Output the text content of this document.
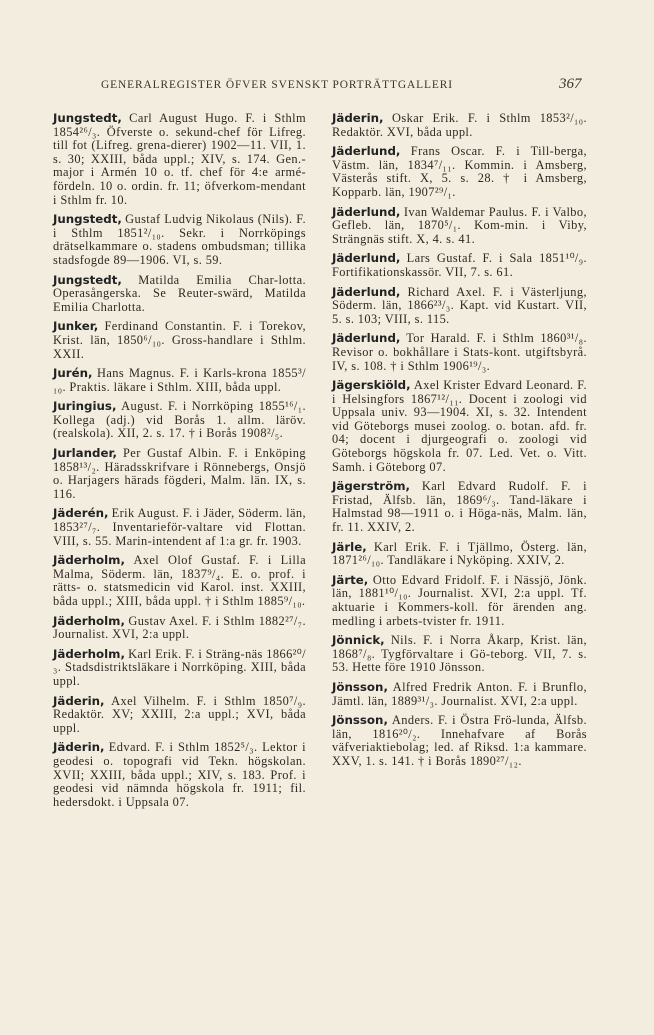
GENERALREGISTER ÖFVER SVENSKT PORTRÄTTGALLERI	367

Jungstedt, Carl August Hugo. F. i Sthlm 1854²⁶/₃. Öfverste o. sekund-chef för Lifreg. till fot (Lifreg. grena-dierer) 1902—11. VII, 1. s. 30; XXIII, båda uppl.; XIV, s. 174. Gen.-major i Armén 10 o. tf. chef för 4:e armé-fördeln. 10 o. ordin. fr. 11; öfverkom-mendant i Sthlm fr. 10.

Jungstedt, Gustaf Ludvig Nikolaus (Nils). F. i Sthlm 1851²/₁₀. Sekr. i Norrköpings drätselkammare o. stadens ombudsman; tillika stadsfogde 89—1906. VI, s. 59.

Jungstedt, Matilda Emilia Char-lotta. Operasångerska. Se Reuter-swärd, Matilda Emilia Charlotta.

Junker, Ferdinand Constantin. F. i Torekov, Krist. län, 1850⁶/₁₀. Gross-handlare i Sthlm. XXII.

Jurén, Hans Magnus. F. i Karls-krona 1855³/₁₀. Praktis. läkare i Sthlm. XIII, båda uppl.

Juringius, August. F. i Norrköping 1855¹⁶/₁. Kollega (adj.) vid Borås 1. allm. läröv. (realskola). XII, 2. s. 17. † i Borås 1908²/₅.

Jurlander, Per Gustaf Albin. F. i Enköping 1858¹³/₂. Häradsskrifvare i Rönnebergs, Onsjö o. Harjagers härads fögderi, Malm. län. IX, s. 116.

Jäderén, Erik August. F. i Jäder, Söderm. län, 1853²⁷/₇. Inventarieför-valtare vid Flottan. VIII, s. 55. Marin-intendent af 1:a gr. fr. 1903.

Jäderholm, Axel Olof Gustaf. F. i Lilla Malma, Söderm. län, 1837⁹/₄. E. o. prof. i rätts- o. statsmedicin vid Karol. inst. XXIII, båda uppl.; XIII, båda uppl. † i Sthlm 1885⁹/₁₀.

Jäderholm, Gustav Axel. F. i Sthlm 1882²⁷/₇. Journalist. XVI, 2:a uppl.

Jäderholm, Karl Erik. F. i Sträng-näs 1866²⁰/₃. Stadsdistriktsläkare i Norrköping. XIII, båda uppl.

Jäderin, Axel Vilhelm. F. i Sthlm 1850⁷/₉. Redaktör. XV; XXIII, 2:a uppl.; XVI, båda uppl.

Jäderin, Edvard. F. i Sthlm 1852⁵/₃. Lektor i geodesi o. topografi vid Tekn. högskolan. XVII; XXIII, båda uppl.; XIV, s. 183. Prof. i geodesi vid nämnda högskola fr. 1911; fil. hedersdokt. i Uppsala 07.

Jäderin, Oskar Erik. F. i Sthlm 1853²/₁₀. Redaktör. XVI, båda uppl.

Jäderlund, Frans Oscar. F. i Till-berga, Västm. län, 1834⁷/₁₁. Kommin. i Amsberg, Västerås stift. X, 5. s. 28. † i Amsberg, Kopparb. län, 1907²⁹/₁.

Jäderlund, Ivan Waldemar Paulus. F. i Valbo, Gefleb. län, 1870⁵/₁. Kom-min. i Viby, Strängnäs stift. X, 4. s. 41.

Jäderlund, Lars Gustaf. F. i Sala 1851¹⁰/₉. Fortifikationskassör. VII, 7. s. 61.

Jäderlund, Richard Axel. F. i Västerljung, Söderm. län, 1866²³/₃. Kapt. vid Kustart. VII, 5. s. 103; VIII, s. 115.

Jäderlund, Tor Harald. F. i Sthlm 1860³¹/₈. Revisor o. bokhållare i Stats-kont. utgiftsbyrå. IV, s. 108. † i Sthlm 1906¹⁹/₃.

Jägerskiöld, Axel Krister Edvard Leonard. F. i Helsingfors 1867¹²/₁₁. Docent i zoologi vid Uppsala univ. 93—1904. XI, s. 32. Intendent vid Göteborgs musei zoolog. o. botan. afd. fr. 04; docent i djurgeografi o. zoologi vid Göteborgs högskola fr. 07. Led. Vet. o. Vitt. Samh. i Göteborg 07.

Jägerström, Karl Edvard Rudolf. F. i Fristad, Älfsb. län, 1869⁶/₃. Tand-läkare i Halmstad 98—1911 o. i Höga-näs, Malm. län, fr. 11. XXIV, 2.

Järle, Karl Erik. F. i Tjällmo, Österg. län, 1871²⁶/₁₀. Tandläkare i Nyköping. XXIV, 2.

Järte, Otto Edvard Fridolf. F. i Nässjö, Jönk. län, 1881¹⁰/₁₀. Journalist. XVI, 2:a uppl. Tf. aktuarie i Kommers-koll. för ärenden ang. medling i arbets-tvister fr. 1911.

Jönnick, Nils. F. i Norra Åkarp, Krist. län, 1868⁷/₈. Tygförvaltare i Gö-teborg. VII, 7. s. 53. Hette före 1910 Jönsson.

Jönsson, Alfred Fredrik Anton. F. i Brunflo, Jämtl. län, 1889³¹/₃. Journalist. XVI, 2:a uppl.

Jönsson, Anders. F. i Östra Frö-lunda, Älfsb. län, 1816²⁰/₂. Innehafvare af Borås väfveriaktiebolag; led. af Riksd. 1:a kammare. XXV, 1. s. 141. † i Borås 1890²⁷/₁₂.
